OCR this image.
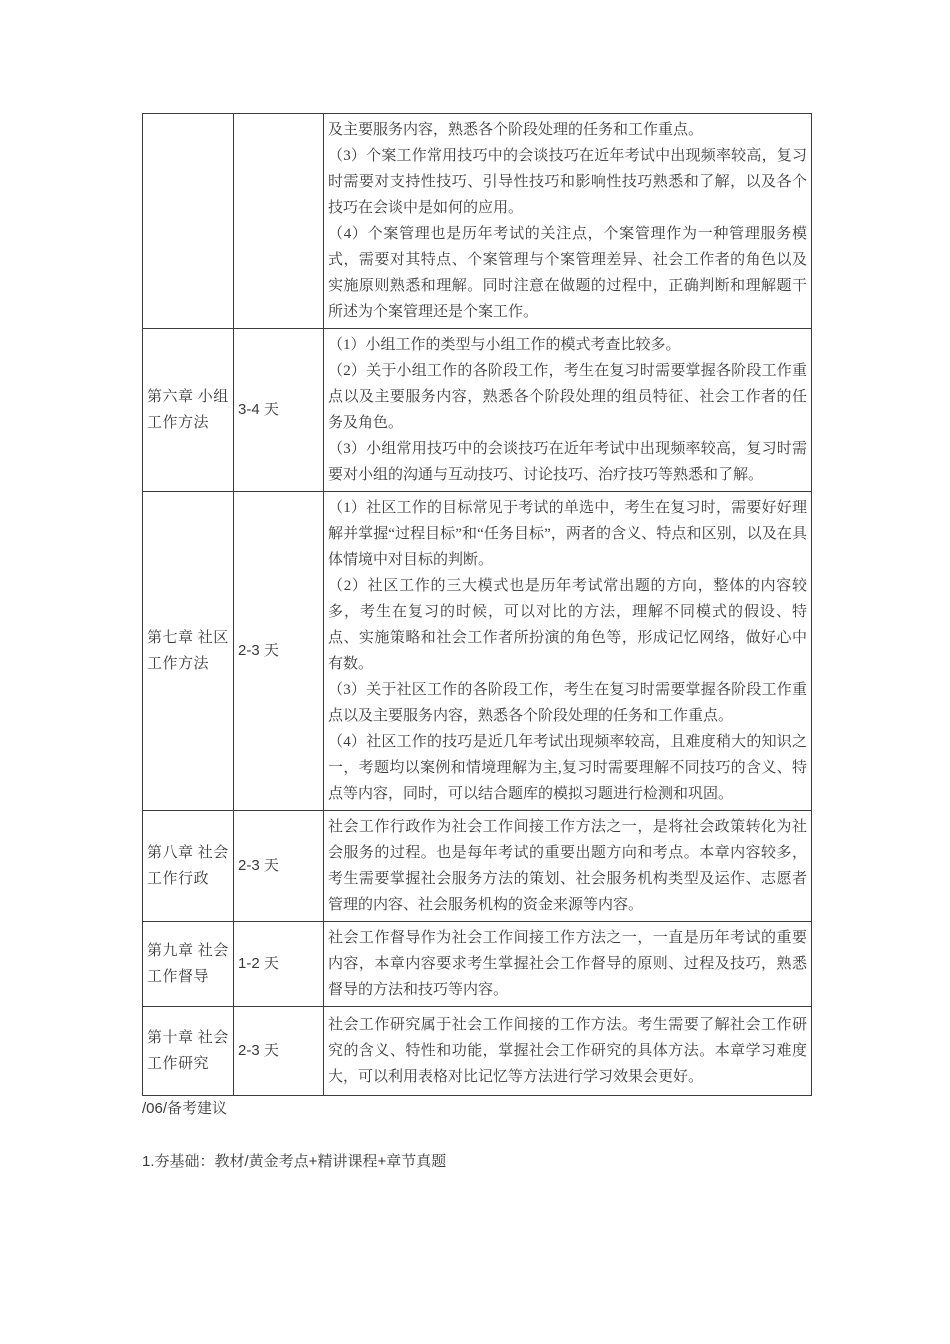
		及主要服务内容，熟悉各个阶段处理的任务和工作重点。

（3）个案工作常用技巧中的会谈技巧在近年考试中出现频率较高，复习时需要对支持性技巧、引导性技巧和影响性技巧熟悉和了解，以及各个技巧在会谈中是如何的应用。

（4）个案管理也是历年考试的关注点，个案管理作为一种管理服务模式，需要对其特点、个案管理与个案管理差异、社会工作者的角色以及实施原则熟悉和理解。同时注意在做题的过程中，正确判断和理解题干所述为个案管理还是个案工作。

第六章 小组工作方法	3-4 天	（1）小组工作的类型与小组工作的模式考查比较多。

（2）关于小组工作的各阶段工作，考生在复习时需要掌握各阶段工作重点以及主要服务内容，熟悉各个阶段处理的组员特征、社会工作者的任务及角色。

（3）小组常用技巧中的会谈技巧在近年考试中出现频率较高，复习时需要对小组的沟通与互动技巧、讨论技巧、治疗技巧等熟悉和了解。

第七章 社区工作方法	2-3 天	（1）社区工作的目标常见于考试的单选中，考生在复习时，需要好好理解并掌握“过程目标”和“任务目标”，两者的含义、特点和区别，以及在具体情境中对目标的判断。

（2）社区工作的三大模式也是历年考试常出题的方向，整体的内容较多，考生在复习的时候，可以对比的方法，理解不同模式的假设、特点、实施策略和社会工作者所扮演的角色等，形成记忆网络，做好心中有数。

（3）关于社区工作的各阶段工作，考生在复习时需要掌握各阶段工作重点以及主要服务内容，熟悉各个阶段处理的任务和工作重点。

（4）社区工作的技巧是近几年考试出现频率较高，且难度稍大的知识之一，考题均以案例和情境理解为主,复习时需要理解不同技巧的含义、特点等内容，同时，可以结合题库的模拟习题进行检测和巩固。

第八章 社会工作行政	2-3 天	社会工作行政作为社会工作间接工作方法之一，是将社会政策转化为社会服务的过程。也是每年考试的重要出题方向和考点。本章内容较多，考生需要掌握社会服务方法的策划、社会服务机构类型及运作、志愿者管理的内容、社会服务机构的资金来源等内容。

第九章 社会工作督导	1-2 天	社会工作督导作为社会工作间接工作方法之一，一直是历年考试的重要内容，本章内容要求考生掌握社会工作督导的原则、过程及技巧，熟悉督导的方法和技巧等内容。

第十章 社会工作研究	2-3 天	社会工作研究属于社会工作间接的工作方法。考生需要了解社会工作研究的含义、特性和功能，掌握社会工作研究的具体方法。本章学习难度大，可以利用表格对比记忆等方法进行学习效果会更好。

/06/备考建议
1.夯基础：教材/黄金考点+精讲课程+章节真题
